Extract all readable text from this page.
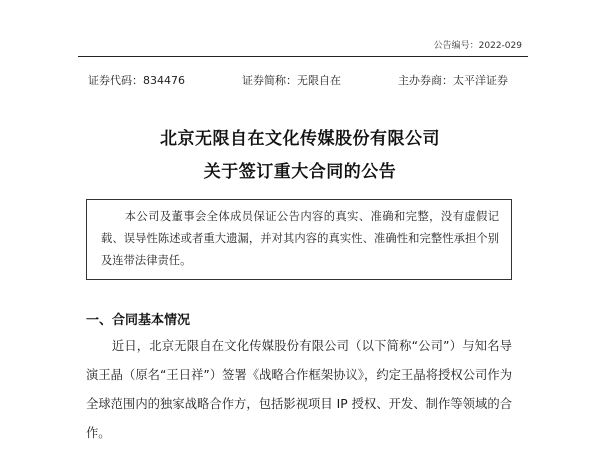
公告编号：2022-029
证券代码：834476	证券简称：无限自在	主办券商：太平洋证券
北京无限自在文化传媒股份有限公司
关于签订重大合同的公告
本公司及董事会全体成员保证公告内容的真实、准确和完整，没有虚假记载、误导性陈述或者重大遗漏，并对其内容的真实性、准确性和完整性承担个别及连带法律责任。
一、合同基本情况
近日，北京无限自在文化传媒股份有限公司（以下简称“公司”）与知名导演王晶（原名“王日祥”）签署《战略合作框架协议》，约定王晶将授权公司作为全球范围内的独家战略合作方，包括影视项目 IP 授权、开发、制作等领域的合作。
